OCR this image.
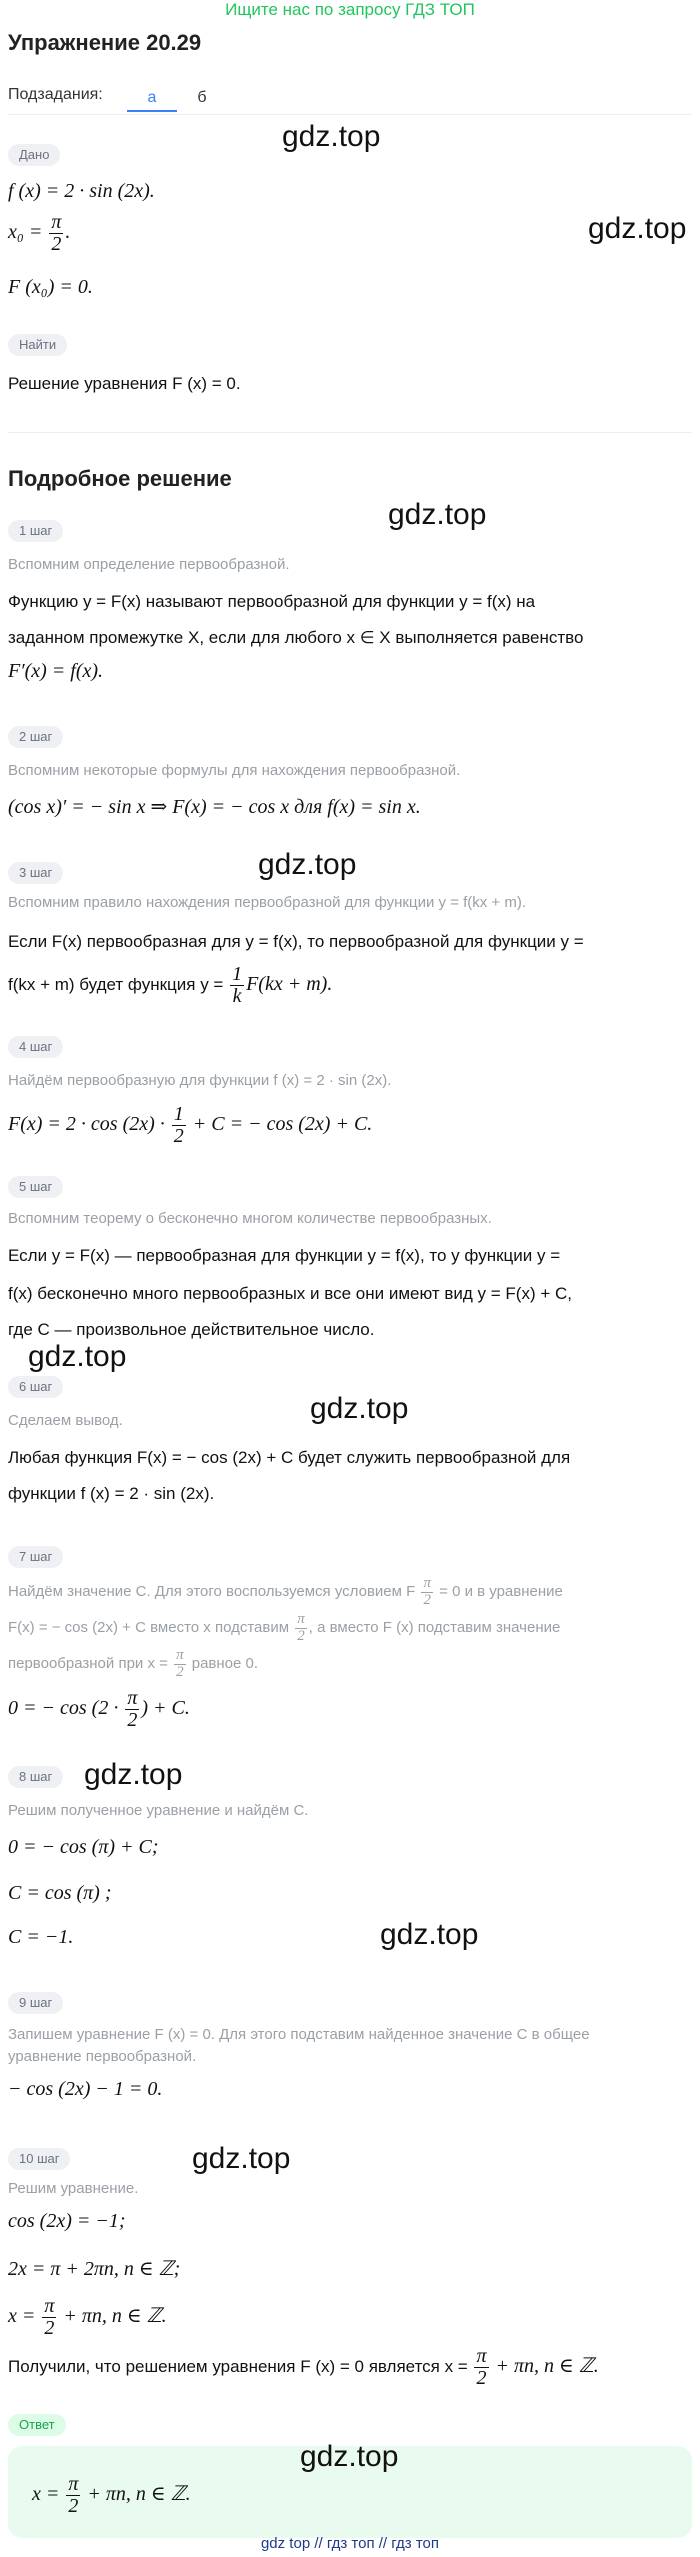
Ищите нас по запросу ГДЗ ТОП
Упражнение 20.29
Подзадания:	а	б
Дано
f (x) = 2 · sin (2x).
$x_0 = \frac{\pi}{2}$ .
F (x₀) = 0.
Найти
Решение уравнения F (x) = 0.
Подробное решение
1 шаг
Вспомним определение первообразной.
Функцию y = F(x) называют первообразной для функции y = f(x) на
заданном промежутке X, если для любого x ∈ X выполняется равенство
F′(x) = f(x).
2 шаг
Вспомним некоторые формулы для нахождения первообразной.
(cos x)′ = − sin x ⇒ F(x) = − cos x для f(x) = sin x.
3 шаг
Вспомним правило нахождения первообразной для функции y = f(kx + m).
Если F(x) первообразная для y = f(x), то первообразной для функции y =
f(kx + m) будет функция $y = \frac{1}{k} F(kx + m)$.
4 шаг
Найдём первообразную для функции f (x) = 2 · sin (2x).
$F(x) = 2 \cdot \cos (2x) \cdot \frac{1}{2} + C$ = − cos (2x) + C.
5 шаг
Вспомним теорему о бесконечно многом количестве первообразных.
Если y = F(x) — первообразная для функции y = f(x), то у функции y =
f(x) бесконечно много первообразных и все они имеют вид y = F(x) + C,
где C — произвольное действительное число.
6 шаг
Сделаем вывод.
Любая функция F(x) = − cos (2x) + C будет служить первообразной для
функции f (x) = 2 · sin (2x).
7 шаг
Найдём значение C. Для этого воспользуемся условием F $\frac{\pi}{2} = 0$ и в уравнение
F(x) = − cos (2x) + C вместо x подставим $\frac{\pi}{2}$ , а вместо F (x) подставим значение
первообразной при $x = \frac{\pi}{2}$ равное 0.
0 = − $\cos (2 \cdot \frac{\pi}{2}$ ) + C.
8 шаг
Решим полученное уравнение и найдём C.
0 = − cos (π) + C;
C = cos (π) ;
C = −1.
9 шаг
Запишем уравнение F (x) = 0. Для этого подставим найденное значение C в общее
уравнение первообразной.
− cos (2x) − 1 = 0.
10 шаг
Решим уравнение.
cos (2x) = −1;
2x = π + 2πn, n ∈ ℤ;
$x = \frac{\pi}{2} + \pi n$, n ∈ ℤ.
Получили, что решением уравнения F (x) = 0 является $x = \frac{\pi}{2} + \pi n$, n ∈ ℤ.
Ответ
$x = \frac{\pi}{2} + \pi n$, n ∈ ℤ.
gdz.top
gdz.top
gdz.top
gdz.top
gdz.top
gdz.top
gdz.top
gdz.top
gdz.top
gdz.top
gdz top // гдз топ // гдз топ
